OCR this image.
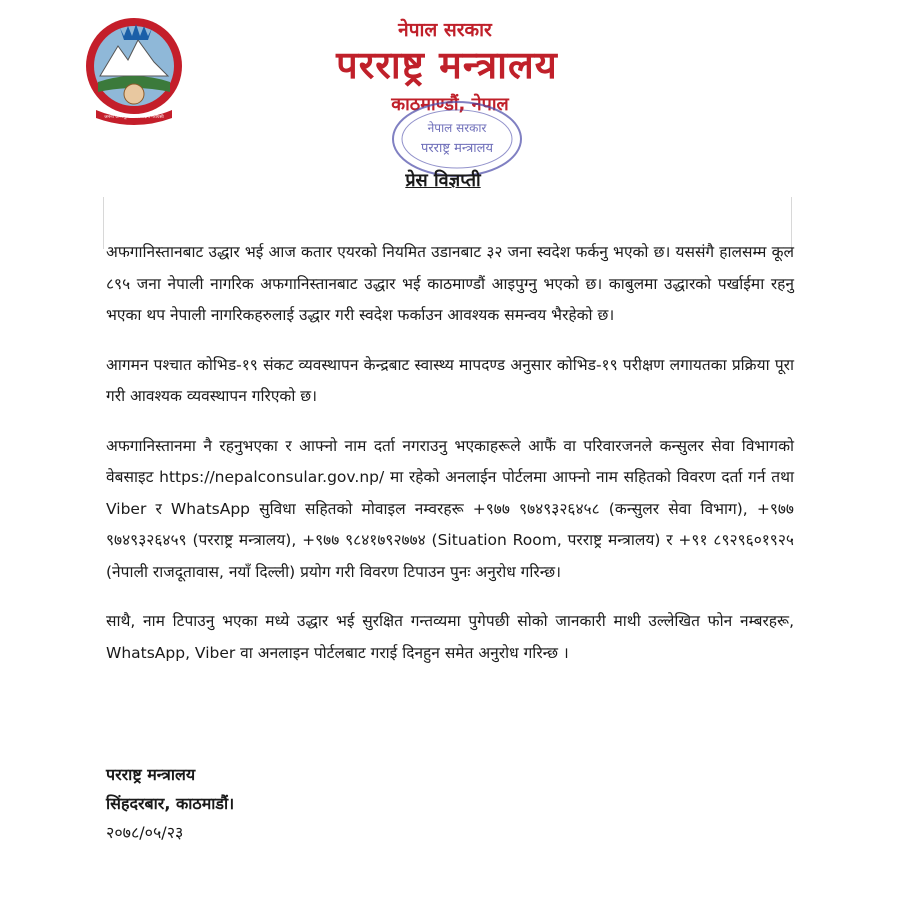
जननी जन्मभूमिश्च स्वर्गादपि गरीयसी
नेपाल सरकार
परराष्ट्र मन्त्रालय
काठमाण्डौं, नेपाल
नेपाल सरकार
परराष्ट्र मन्त्रालय
प्रेस विज्ञप्ती

अफगानिस्तानबाट उद्धार भई आज कतार एयरको नियमित उडानबाट ३२ जना स्वदेश फर्कनु भएको छ। यससंगै हालसम्म कूल ८९५ जना नेपाली नागरिक अफगानिस्तानबाट उद्धार भई काठमाण्डौं आइपुग्नु भएको छ। काबुलमा उद्धारको पर्खाईमा रहनु भएका थप नेपाली नागरिकहरुलाई उद्धार गरी स्वदेश फर्काउन आवश्यक समन्वय भैरहेको छ।

आगमन पश्चात कोभिड-१९ संकट व्यवस्थापन केन्द्रबाट स्वास्थ्य मापदण्ड अनुसार कोभिड-१९ परीक्षण लगायतका प्रक्रिया पूरा गरी आवश्यक व्यवस्थापन गरिएको छ।

अफगानिस्तानमा नै रहनुभएका र आफ्नो नाम दर्ता नगराउनु भएकाहरूले आफैं वा परिवारजनले कन्सुलर सेवा विभागको वेबसाइट https://nepalconsular.gov.np/ मा रहेको अनलाईन पोर्टलमा आफ्नो नाम सहितको विवरण दर्ता गर्न तथा Viber र WhatsApp सुविधा सहितको मोवाइल नम्वरहरू +९७७ ९७४९३२६४५८ (कन्सुलर सेवा विभाग), +९७७ ९७४९३२६४५९ (परराष्ट्र मन्त्रालय), +९७७ ९८४१७९२७७४ (Situation Room, परराष्ट्र मन्त्रालय) र +९१ ८९२९६०१९२५ (नेपाली राजदूतावास, नयाँ दिल्ली) प्रयोग गरी विवरण टिपाउन पुनः अनुरोध गरिन्छ।

साथै, नाम टिपाउनु भएका मध्ये उद्धार भई सुरक्षित गन्तव्यमा पुगेपछी सोको जानकारी माथी उल्लेखित फोन नम्बरहरू, WhatsApp, Viber वा अनलाइन पोर्टलबाट गराई दिनहुन समेत अनुरोध गरिन्छ ।

परराष्ट्र मन्त्रालय
सिंहदरबार, काठमाडौं।
२०७८/०५/२३
